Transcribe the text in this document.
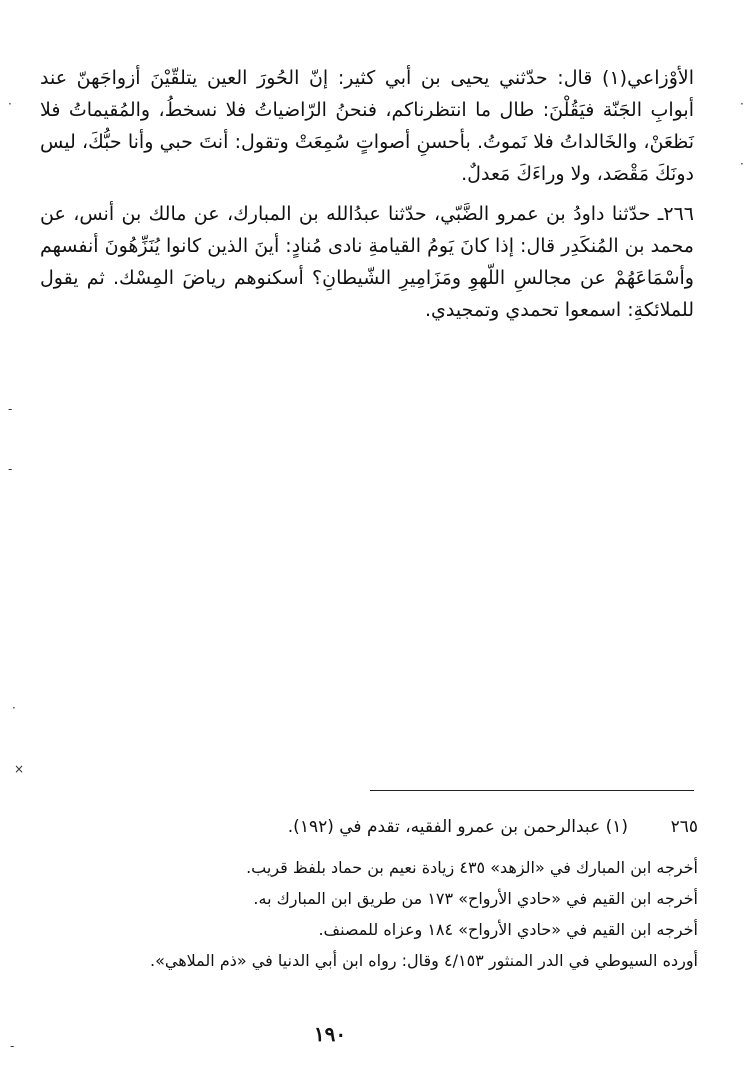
الأوْزاعي(١) قال: حدّثني يحيى بن أبي كثير: إنّ الحُورَ العين يتلقّيْنَ أزواجَهنّ عند أبوابِ الجَنّة فيَقُلْنَ: طال ما انتظرناكم، فنحنُ الرّاضياتُ فلا نسخطُ، والمُقيماتُ فلا نَظعَنْ، والخَالداتُ فلا نَموتُ. بأحسنِ أصواتٍ سُمِعَتْ وتقول: أنتَ حبي وأنا حبُّكَ، ليس دونَكَ مَقْصَد، ولا وراءَكَ مَعدلٌ.

٢٦٦ـ حدّثنا داودُ بن عمرو الضَّبّي، حدّثنا عبدُالله بن المبارك، عن مالك بن أنس، عن محمد بن المُنكَدِر قال: إذا كانَ يَومُ القيامةِ نادى مُنادٍ: أينَ الذين كانوا يُنَزِّهُونَ أنفسهم وأسْمَاعَهُمْ عن مجالسِ اللّهوِ ومَزَامِيرِ الشّيطانِ؟ أسكنوهم رياضَ المِسْك. ثم يقول للملائكةِ: اسمعوا تحمدي وتمجيدي.

٢٦٥
(١) عبدالرحمن بن عمرو الفقيه، تقدم في (١٩٢).
أخرجه ابن المبارك في «الزهد» ٤٣٥ زيادة نعيم بن حماد بلفظ قريب.
أخرجه ابن القيم في «حادي الأرواح» ١٧٣ من طريق ابن المبارك به.
أخرجه ابن القيم في «حادي الأرواح» ١٨٤ وعزاه للمصنف.
أورده السيوطي في الدر المنثور ٤/١٥٣ وقال: رواه ابن أبي الدنيا في «ذم الملاهي».
١٩٠
·	·
·
-
-
·
×
-
